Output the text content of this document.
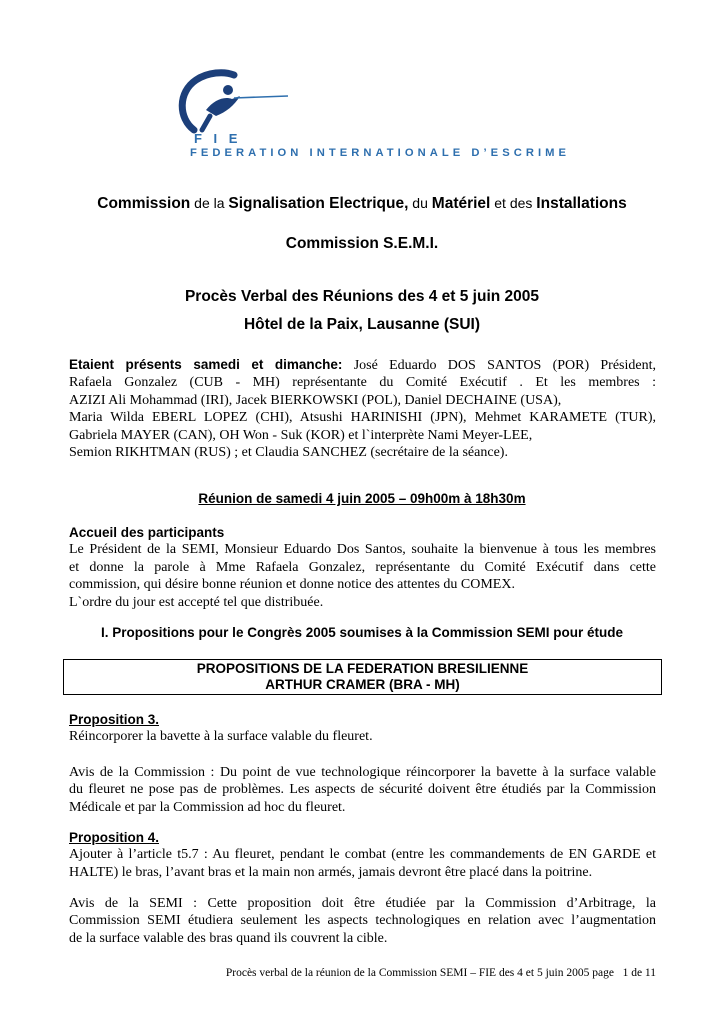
F I E
FEDERATION INTERNATIONALE D’ESCRIME
Commission de la Signalisation Electrique, du Matériel et des Installations
Commission S.E.M.I.
Procès Verbal des Réunions des 4 et 5 juin 2005
Hôtel de la Paix, Lausanne (SUI)
Etaient présents samedi et dimanche: José Eduardo DOS SANTOS (POR) Président,
Rafaela Gonzalez (CUB - MH) représentante du Comité Exécutif . Et les membres :
AZIZI Ali Mohammad (IRI), Jacek BIERKOWSKI (POL), Daniel DECHAINE (USA),
Maria Wilda EBERL LOPEZ (CHI), Atsushi HARINISHI (JPN), Mehmet KARAMETE (TUR),
Gabriela MAYER (CAN), OH Won - Suk (KOR) et l`interprète Nami Meyer-LEE,
Semion RIKHTMAN (RUS) ; et Claudia SANCHEZ (secrétaire de la séance).
Réunion de samedi 4 juin 2005 – 09h00m à 18h30m
Accueil des participants
Le Président de la SEMI, Monsieur Eduardo Dos Santos, souhaite la bienvenue à tous les membres
et donne la parole à Mme Rafaela Gonzalez, représentante du Comité Exécutif dans cette
commission, qui désire bonne réunion et donne notice des attentes du COMEX.
L`ordre du jour est accepté tel que distribuée.
I. Propositions pour le Congrès 2005 soumises à la Commission SEMI pour étude
PROPOSITIONS DE LA FEDERATION BRESILIENNE
ARTHUR CRAMER (BRA - MH)
Proposition 3.
Réincorporer la bavette à la surface valable du fleuret.
Avis de la Commission : Du point de vue technologique réincorporer la bavette à la surface valable
du fleuret ne pose pas de problèmes. Les aspects de sécurité doivent être étudiés par la Commission
Médicale et par la Commission ad hoc du fleuret.
Proposition 4.
Ajouter à l’article t5.7 : Au fleuret, pendant le combat (entre les commandements de EN GARDE et
HALTE) le bras, l’avant bras et la main non armés, jamais devront être placé dans la poitrine.
Avis de la SEMI : Cette proposition doit être étudiée par la Commission d’Arbitrage, la
Commission SEMI étudiera seulement les aspects technologiques en relation avec l’augmentation
de la surface valable des bras quand ils couvrent la cible.
Procès verbal de la réunion de la Commission SEMI – FIE des 4 et 5 juin 2005 page 1 de 11
